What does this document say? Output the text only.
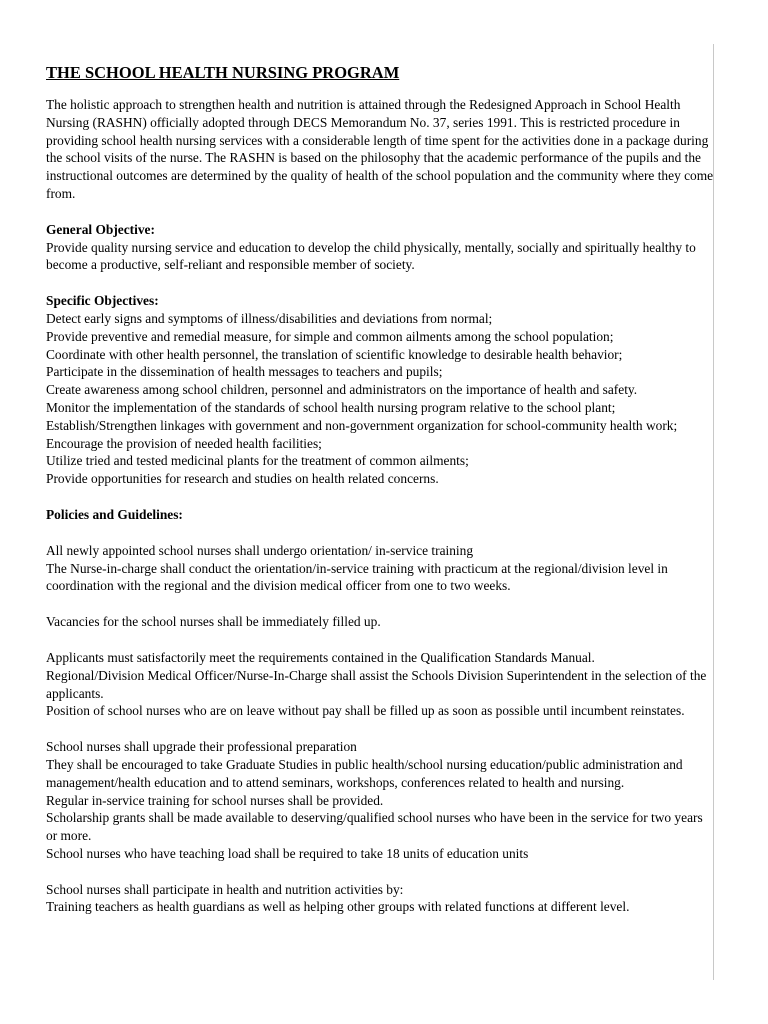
THE SCHOOL HEALTH NURSING PROGRAM
The holistic approach to strengthen health and nutrition is attained through the Redesigned Approach in School Health Nursing (RASHN) officially adopted through DECS Memorandum No. 37, series 1991. This is restricted procedure in providing school health nursing services with a considerable length of time spent for the activities done in a package during the school visits of the nurse. The RASHN is based on the philosophy that the academic performance of the pupils and the instructional outcomes are determined by the quality of health of the school population and the community where they come from.
General Objective:
Provide quality nursing service and education to develop the child physically, mentally, socially and spiritually healthy to become a productive, self-reliant and responsible member of society.
Specific Objectives:
Detect early signs and symptoms of illness/disabilities and deviations from normal;
Provide preventive and remedial measure, for simple and common ailments among the school population;
Coordinate with other health personnel, the translation of scientific knowledge to desirable health behavior;
Participate in the dissemination of health messages to teachers and pupils;
Create awareness among school children, personnel and administrators on the importance of health and safety.
Monitor the implementation of the standards of school health nursing program relative to the school plant;
Establish/Strengthen linkages with government and non-government organization for school-community health work;
Encourage the provision of needed health facilities;
Utilize tried and tested medicinal plants for the treatment of common ailments;
Provide opportunities for research and studies on health related concerns.
Policies and Guidelines:
All newly appointed school nurses shall undergo orientation/ in-service training
The Nurse-in-charge shall conduct the orientation/in-service training with practicum at the regional/division level in coordination with the regional and the division medical officer from one to two weeks.
Vacancies for the school nurses shall be immediately filled up.
Applicants must satisfactorily meet the requirements contained in the Qualification Standards Manual.
Regional/Division Medical Officer/Nurse-In-Charge shall assist the Schools Division Superintendent in the selection of the applicants.
Position of school nurses who are on leave without pay shall be filled up as soon as possible until incumbent reinstates.
School nurses shall upgrade their professional preparation
They shall be encouraged to take Graduate Studies in public health/school nursing education/public administration and management/health education and to attend seminars, workshops, conferences related to health and nursing.
Regular in-service training for school nurses shall be provided.
Scholarship grants shall be made available to deserving/qualified school nurses who have been in the service for two years or more.
School nurses who have teaching load shall be required to take 18 units of education units
School nurses shall participate in health and nutrition activities by:
Training teachers as health guardians as well as helping other groups with related functions at different level.
